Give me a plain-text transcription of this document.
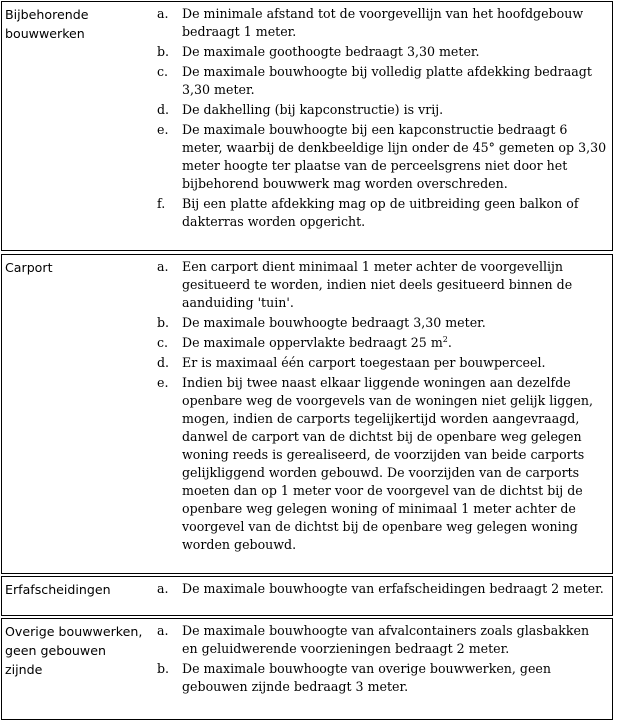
Bijbehorende bouwwerken
a.	De minimale afstand tot de voorgevellijn van het hoofdgebouw bedraagt 1 meter.
b.	De maximale goothoogte bedraagt 3,30 meter.
c.	De maximale bouwhoogte bij volledig platte afdekking bedraagt 3,30 meter.
d.	De dakhelling (bij kapconstructie) is vrij.
e.	De maximale bouwhoogte bij een kapconstructie bedraagt 6 meter, waarbij de denkbeeldige lijn onder de 45° gemeten op 3,30 meter hoogte ter plaatse van de perceelsgrens niet door het bijbehorend bouwwerk mag worden overschreden.
f.	Bij een platte afdekking mag op de uitbreiding geen balkon of dakterras worden opgericht.
Carport	a.	Een carport dient minimaal 1 meter achter de voorgevellijn gesitueerd te worden, indien niet deels gesitueerd binnen de aanduiding 'tuin'.
b.	De maximale bouwhoogte bedraagt 3,30 meter.
c.	De maximale oppervlakte bedraagt 25 $m^2$.
d.	Er is maximaal één carport toegestaan per bouwperceel.
e.	Indien bij twee naast elkaar liggende woningen aan dezelfde openbare weg de voorgevels van de woningen niet gelijk liggen, mogen, indien de carports tegelijkertijd worden aangevraagd, danwel de carport van de dichtst bij de openbare weg gelegen woning reeds is gerealiseerd, de voorzijden van beide carports gelijkliggend worden gebouwd. De voorzijden van de carports moeten dan op 1 meter voor de voorgevel van de dichtst bij de openbare weg gelegen woning of minimaal 1 meter achter de voorgevel van de dichtst bij de openbare weg gelegen woning worden gebouwd.
Erfafscheidingen	a.	De maximale bouwhoogte van erfafscheidingen bedraagt 2 meter.
Overige bouwwerken, geen gebouwen zijnde
a.	De maximale bouwhoogte van afvalcontainers zoals glasbakken en geluidwerende voorzieningen bedraagt 2 meter.
b.	De maximale bouwhoogte van overige bouwwerken, geen gebouwen zijnde bedraagt 3 meter.
